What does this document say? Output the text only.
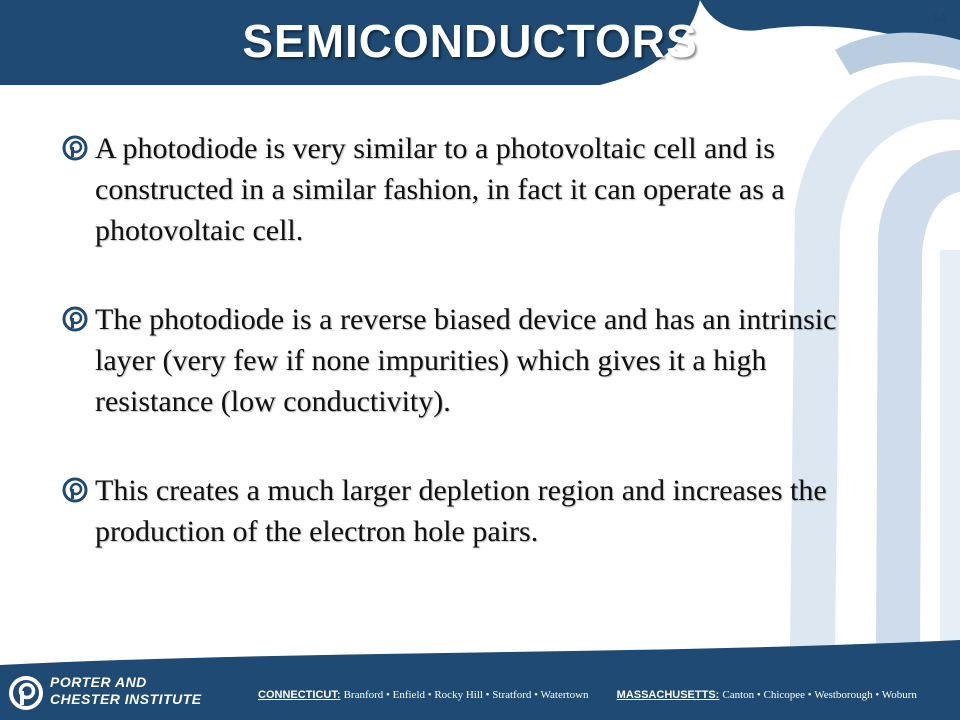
SEMICONDUCTORS	14
A photodiode is very similar to a photovoltaic cell and is constructed in a similar fashion, in fact it can operate as a photovoltaic cell.
The photodiode is a reverse biased device and has an intrinsic layer (very few if none impurities) which gives it a high resistance (low conductivity).
This creates a much larger depletion region and increases the production of the electron hole pairs.
PORTER AND
CHESTER INSTITUTE	CONNECTICUT: Branford • Enfield • Rocky Hill • Stratford • Watertown	MASSACHUSETTS: Canton • Chicopee • Westborough • Woburn
